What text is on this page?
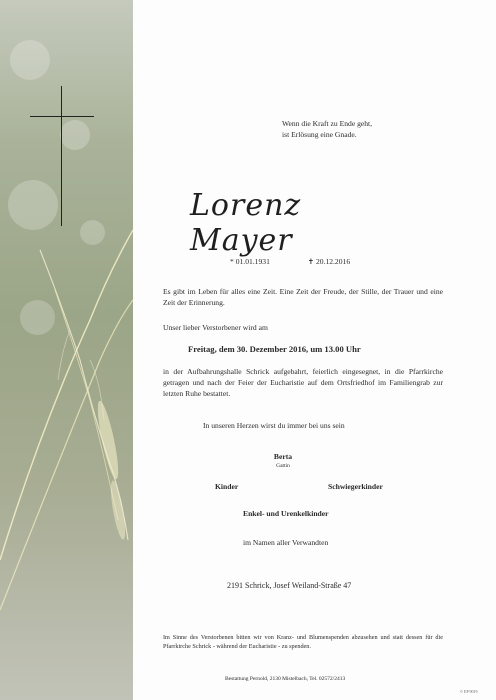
Wenn die Kraft zu Ende geht,
ist Erlösung eine Gnade.
Lorenz Mayer
* 01.01.1931	✝ 20.12.2016
Es gibt im Leben für alles eine Zeit. Eine Zeit der Freude, der Stille, der Trauer und eine Zeit der Erinnerung.
Unser lieber Verstorbener wird am
Freitag, dem 30. Dezember 2016, um 13.00 Uhr
in der Aufbahrungshalle Schrick aufgebahrt, feierlich eingesegnet, in die Pfarrkirche getragen und nach der Feier der Eucharistie auf dem Ortsfriedhof im Familiengrab zur letzten Ruhe bestattet.
In unseren Herzen wirst du immer bei uns sein
Berta
Gattin
Kinder	Schwiegerkinder
Enkel- und Urenkelkinder
im Namen aller Verwandten
2191 Schrick, Josef Weiland-Straße 47
Im Sinne des Verstorbenen bitten wir von Kranz- und Blumenspenden abzusehen und statt dessen für die Pfarrkirche Schrick - während der Eucharistie - zu spenden.
Bestattung Pernold, 2130 Mistelbach, Tel. 02572/2413
© EP 9019
